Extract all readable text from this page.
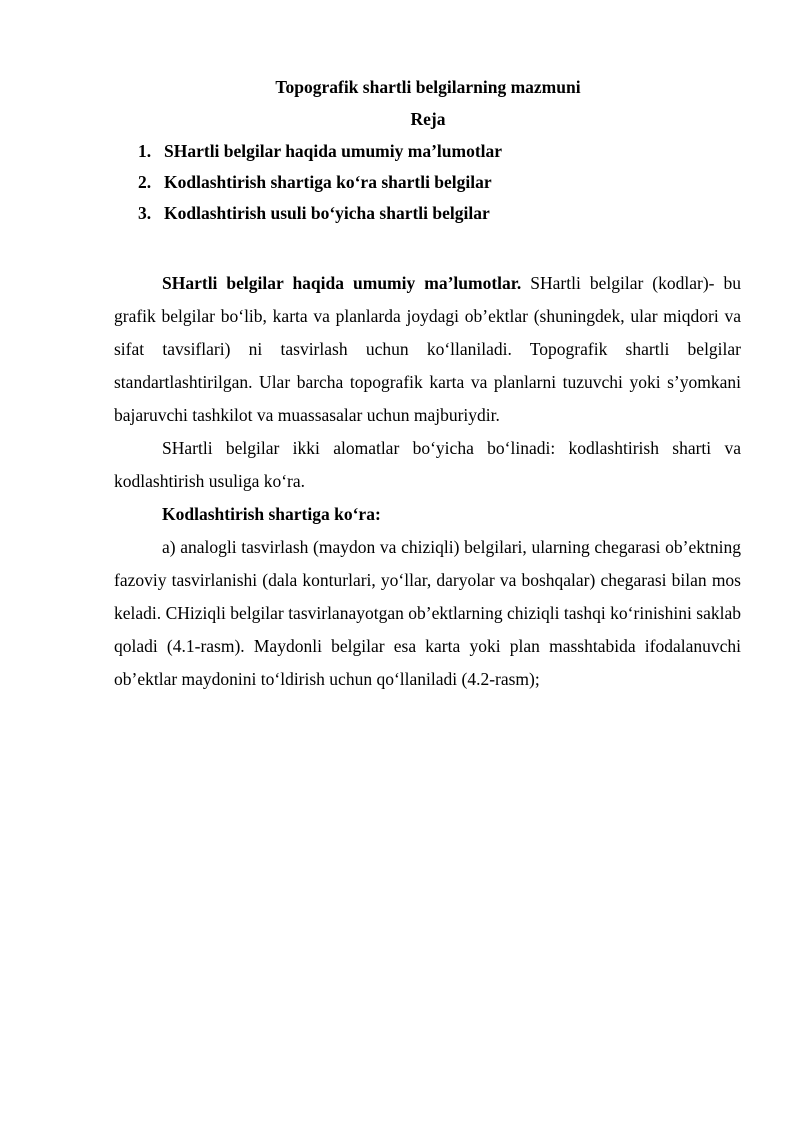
Topografik shartli belgilarning mazmuni
Reja
1. SHartli belgilar haqida umumiy ma’lumotlar
2. Kodlashtirish shartiga ko‘ra shartli belgilar
3. Kodlashtirish usuli bo‘yicha shartli belgilar

SHartli belgilar haqida umumiy ma’lumotlar. SHartli belgilar (kodlar)- bu grafik belgilar bo‘lib, karta va planlarda joydagi ob’ektlar (shuningdek, ular miqdori va sifat tavsiflari) ni tasvirlash uchun ko‘llaniladi. Topografik shartli belgilar standartlashtirilgan. Ular barcha topografik karta va planlarni tuzuvchi yoki s’yomkani bajaruvchi tashkilot va muassasalar uchun majburiydir.

SHartli belgilar ikki alomatlar bo‘yicha bo‘linadi: kodlashtirish sharti va kodlashtirish usuliga ko‘ra.

Kodlashtirish shartiga ko‘ra:

a) analogli tasvirlash (maydon va chiziqli) belgilari, ularning chegarasi ob’ektning fazoviy tasvirlanishi (dala konturlari, yo‘llar, daryolar va boshqalar) chegarasi bilan mos keladi. CHiziqli belgilar tasvirlanayotgan ob’ektlarning chiziqli tashqi ko‘rinishini saklab qoladi (4.1-rasm). Maydonli belgilar esa karta yoki plan masshtabida ifodalanuvchi ob’ektlar maydonini to‘ldirish uchun qo‘llaniladi (4.2-rasm);
